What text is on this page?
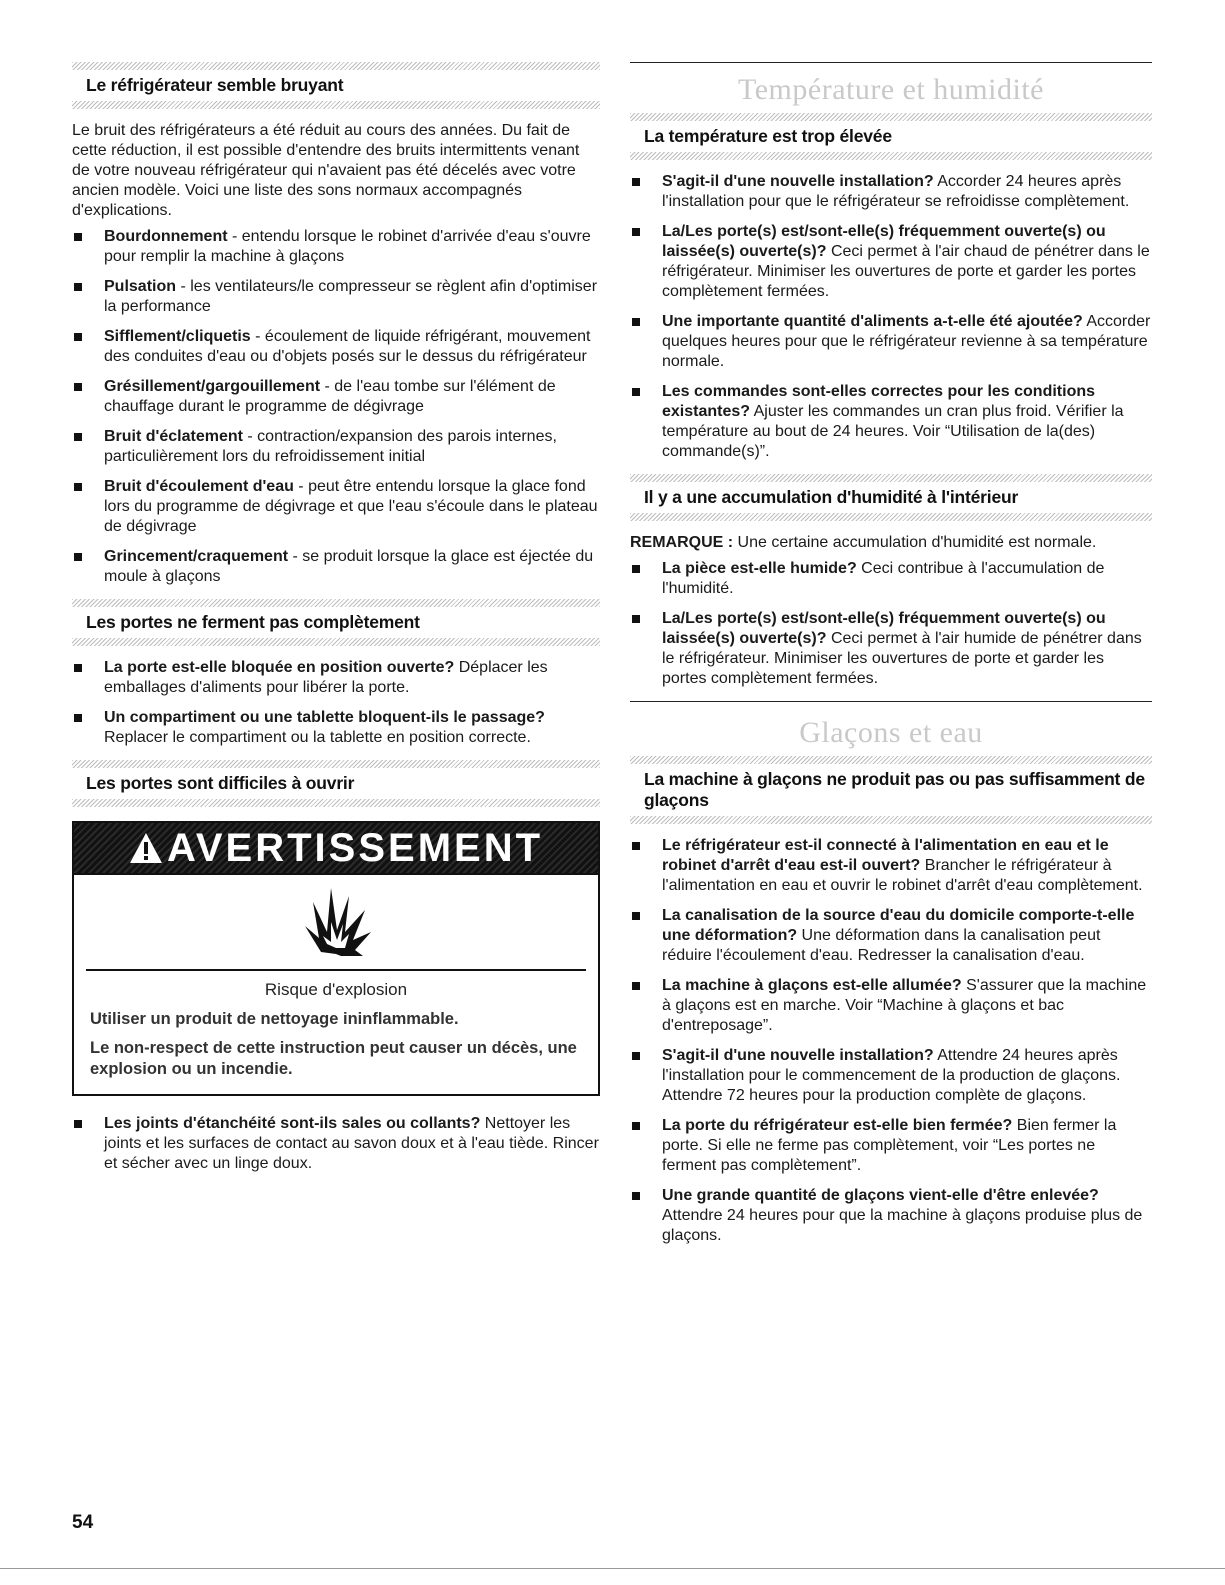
Le réfrigérateur semble bruyant

Le bruit des réfrigérateurs a été réduit au cours des années. Du fait de cette réduction, il est possible d'entendre des bruits intermittents venant de votre nouveau réfrigérateur qui n'avaient pas été décelés avec votre ancien modèle. Voici une liste des sons normaux accompagnés d'explications.

Bourdonnement - entendu lorsque le robinet d'arrivée d'eau s'ouvre pour remplir la machine à glaçons
Pulsation - les ventilateurs/le compresseur se règlent afin d'optimiser la performance
Sifflement/cliquetis - écoulement de liquide réfrigérant, mouvement des conduites d'eau ou d'objets posés sur le dessus du réfrigérateur
Grésillement/gargouillement - de l'eau tombe sur l'élément de chauffage durant le programme de dégivrage
Bruit d'éclatement - contraction/expansion des parois internes, particulièrement lors du refroidissement initial
Bruit d'écoulement d'eau - peut être entendu lorsque la glace fond lors du programme de dégivrage et que l'eau s'écoule dans le plateau de dégivrage
Grincement/craquement - se produit lorsque la glace est éjectée du moule à glaçons
Les portes ne ferment pas complètement
La porte est-elle bloquée en position ouverte? Déplacer les emballages d'aliments pour libérer la porte.
Un compartiment ou une tablette bloquent-ils le passage? Replacer le compartiment ou la tablette en position correcte.
Les portes sont difficiles à ouvrir
AVERTISSEMENT
Risque d'explosion
Utiliser un produit de nettoyage ininflammable.
Le non-respect de cette instruction peut causer un décès, une explosion ou un incendie.
Les joints d'étanchéité sont-ils sales ou collants? Nettoyer les joints et les surfaces de contact au savon doux et à l'eau tiède. Rincer et sécher avec un linge doux.
Température et humidité
La température est trop élevée
S'agit-il d'une nouvelle installation? Accorder 24 heures après l'installation pour que le réfrigérateur se refroidisse complètement.
La/Les porte(s) est/sont-elle(s) fréquemment ouverte(s) ou laissée(s) ouverte(s)? Ceci permet à l'air chaud de pénétrer dans le réfrigérateur. Minimiser les ouvertures de porte et garder les portes complètement fermées.
Une importante quantité d'aliments a-t-elle été ajoutée? Accorder quelques heures pour que le réfrigérateur revienne à sa température normale.
Les commandes sont-elles correctes pour les conditions existantes? Ajuster les commandes un cran plus froid. Vérifier la température au bout de 24 heures. Voir “Utilisation de la(des) commande(s)”.
Il y a une accumulation d'humidité à l'intérieur

REMARQUE : Une certaine accumulation d'humidité est normale.

La pièce est-elle humide? Ceci contribue à l'accumulation de l'humidité.
La/Les porte(s) est/sont-elle(s) fréquemment ouverte(s) ou laissée(s) ouverte(s)? Ceci permet à l'air humide de pénétrer dans le réfrigérateur. Minimiser les ouvertures de porte et garder les portes complètement fermées.
Glaçons et eau
La machine à glaçons ne produit pas ou pas suffisamment de glaçons
Le réfrigérateur est-il connecté à l'alimentation en eau et le robinet d'arrêt d'eau est-il ouvert? Brancher le réfrigérateur à l'alimentation en eau et ouvrir le robinet d'arrêt d'eau complètement.
La canalisation de la source d'eau du domicile comporte-t-elle une déformation? Une déformation dans la canalisation peut réduire l'écoulement d'eau. Redresser la canalisation d'eau.
La machine à glaçons est-elle allumée? S'assurer que la machine à glaçons est en marche. Voir “Machine à glaçons et bac d'entreposage”.
S'agit-il d'une nouvelle installation? Attendre 24 heures après l'installation pour le commencement de la production de glaçons. Attendre 72 heures pour la production complète de glaçons.
La porte du réfrigérateur est-elle bien fermée? Bien fermer la porte. Si elle ne ferme pas complètement, voir “Les portes ne ferment pas complètement”.
Une grande quantité de glaçons vient-elle d'être enlevée? Attendre 24 heures pour que la machine à glaçons produise plus de glaçons.
54
